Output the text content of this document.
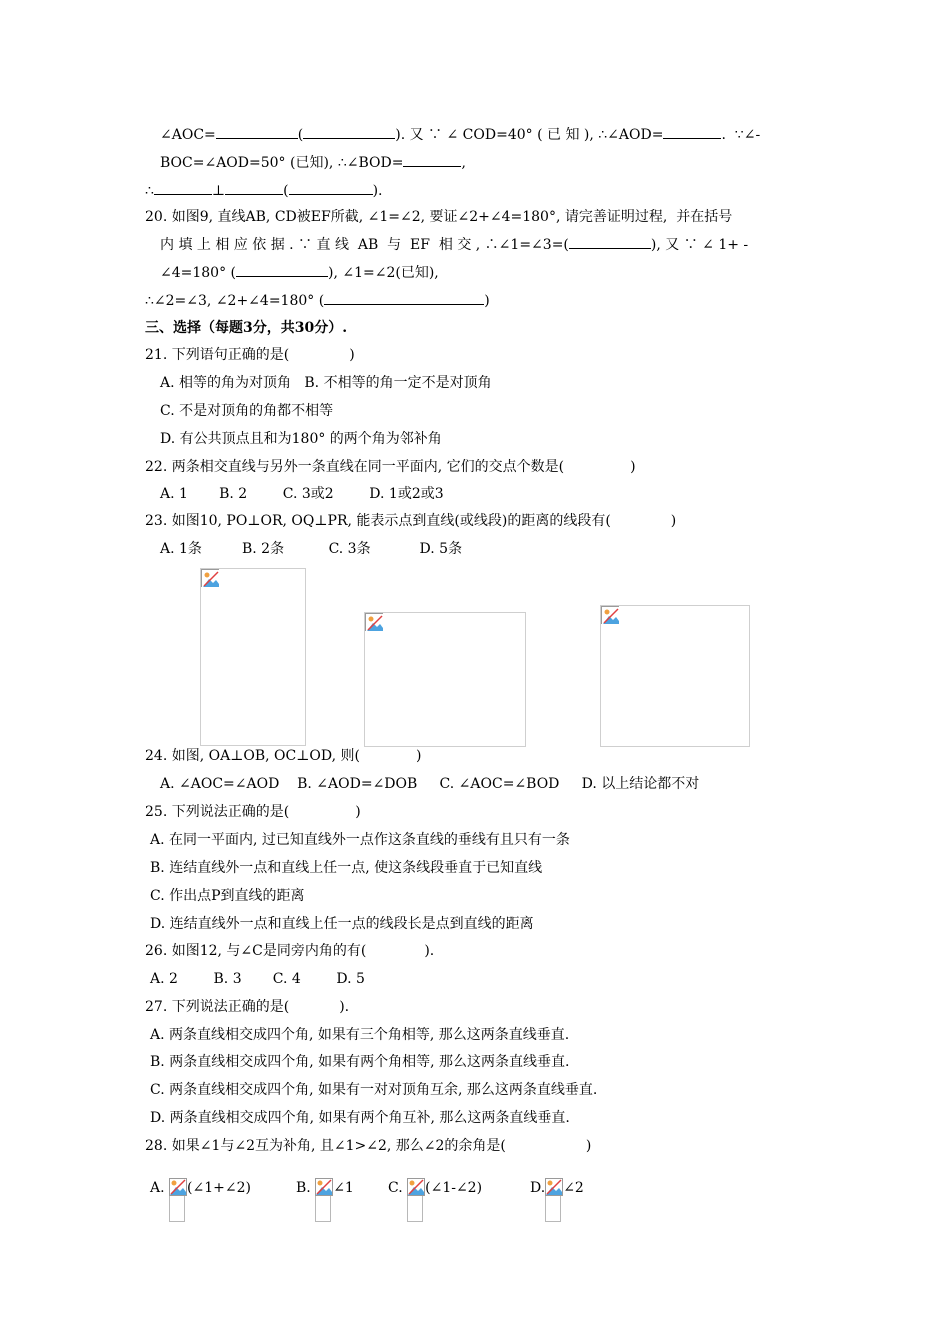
∠AOC=	(	). 又 ∵ ∠ COD=40° ( 已 知 ), ∴∠AOD=	.  ∵∠-
BOC=∠AOD=50° (已知), ∴∠BOD=	,
∴	⊥	(	).
20. 如图9, 直线AB, CD被EF所截, ∠1=∠2, 要证∠2+∠4=180°, 请完善证明过程,  并在括号
内 填 上 相 应 依 据 . ∵ 直 线  AB  与  EF  相 交 , ∴∠1=∠3=(	), 又 ∵ ∠ 1+ -
∠4=180° (	), ∠1=∠2(已知),
∴∠2=∠3, ∠2+∠4=180° (	)
三、选择（每题3分，共30分）.
21. 下列语句正确的是(	)
A. 相等的角为对顶角 B. 不相等的角一定不是对顶角
C. 不是对顶角的角都不相等
D. 有公共顶点且和为180° 的两个角为邻补角
22. 两条相交直线与另外一条直线在同一平面内, 它们的交点个数是(	)
A. 1       B. 2        C. 3或2        D. 1或2或3
23. 如图10, PO⊥OR, OQ⊥PR, 能表示点到直线(或线段)的距离的线段有(	)
A. 1条         B. 2条          C. 3条           D. 5条
24. 如图, OA⊥OB, OC⊥OD, 则(	)
A. ∠AOC=∠AOD    B. ∠AOD=∠DOB     C. ∠AOC=∠BOD     D. 以上结论都不对
25. 下列说法正确的是(	)
A. 在同一平面内, 过已知直线外一点作这条直线的垂线有且只有一条
B. 连结直线外一点和直线上任一点, 使这条线段垂直于已知直线
C. 作出点P到直线的距离
D. 连结直线外一点和直线上任一点的线段长是点到直线的距离
26. 如图12, 与∠C是同旁内角的有(	).
A. 2        B. 3       C. 4        D. 5
27. 下列说法正确的是(	).
A. 两条直线相交成四个角, 如果有三个角相等, 那么这两条直线垂直.
B. 两条直线相交成四个角, 如果有两个角相等, 那么这两条直线垂直.
C. 两条直线相交成四个角, 如果有一对对顶角互余, 那么这两条直线垂直.
D. 两条直线相交成四个角, 如果有两个角互补, 那么这两条直线垂直.
28. 如果∠1与∠2互为补角, 且∠1>∠2, 那么∠2的余角是(	)
A. (∠1+∠2)	B. ∠1 C. (∠1-∠2)	D. ∠2
